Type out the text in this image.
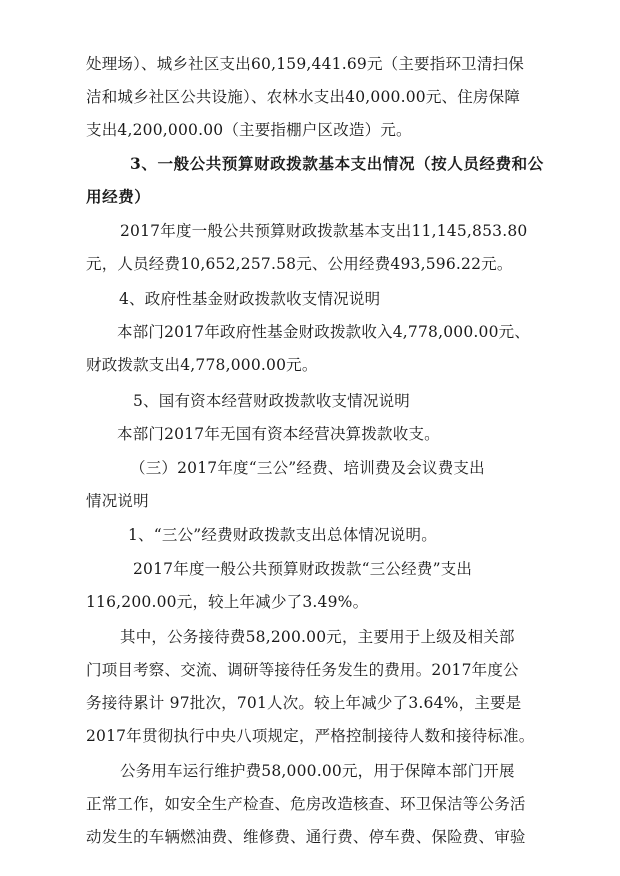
处理场）、城乡社区支出60,159,441.69元（主要指环卫清扫保
洁和城乡社区公共设施）、农林水支出40,000.00元、住房保障
支出4,200,000.00（主要指棚户区改造）元。
3、一般公共预算财政拨款基本支出情况（按人员经费和公
用经费）
2017年度一般公共预算财政拨款基本支出11,145,853.80
元，人员经费10,652,257.58元、公用经费493,596.22元。
4、政府性基金财政拨款收支情况说明
本部门2017年政府性基金财政拨款收入4,778,000.00元、
财政拨款支出4,778,000.00元。
5、国有资本经营财政拨款收支情况说明
本部门2017年无国有资本经营决算拨款收支。
（三）2017年度“三公”经费、培训费及会议费支出
情况说明
1、“三公”经费财政拨款支出总体情况说明。
2017年度一般公共预算财政拨款“三公经费”支出
116,200.00元，较上年减少了3.49%。
其中，公务接待费58,200.00元，主要用于上级及相关部
门项目考察、交流、调研等接待任务发生的费用。2017年度公
务接待累计 97批次，701人次。较上年减少了3.64%，主要是
2017年贯彻执行中央八项规定，严格控制接待人数和接待标准。
公务用车运行维护费58,000.00元，用于保障本部门开展
正常工作，如安全生产检查、危房改造核查、环卫保洁等公务活
动发生的车辆燃油费、维修费、通行费、停车费、保险费、审验
